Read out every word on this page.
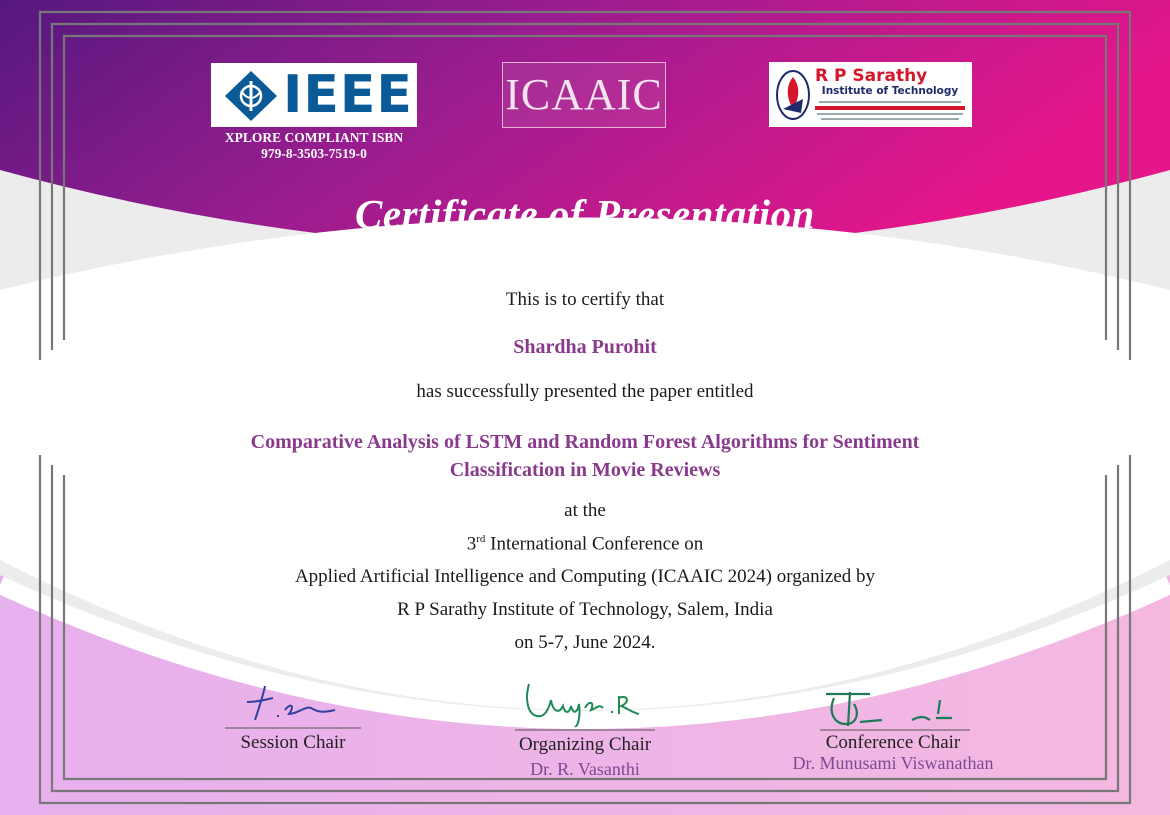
IEEE
XPLORE COMPLIANT ISBN
979-8-3503-7519-0
ICAAIC	R P Sarathy
Institute of Technology
Certificate of Presentation
This is to certify that
Shardha Purohit
has successfully presented the paper entitled
Comparative Analysis of LSTM and Random Forest Algorithms for Sentiment
Classification in Movie Reviews
at the
3rd International Conference on
Applied Artificial Intelligence and Computing (ICAAIC 2024) organized by
R P Sarathy Institute of Technology, Salem, India
on 5-7, June 2024.
Session Chair	Organizing Chair
Dr. R. Vasanthi
Conference Chair
Dr. Munusami Viswanathan
